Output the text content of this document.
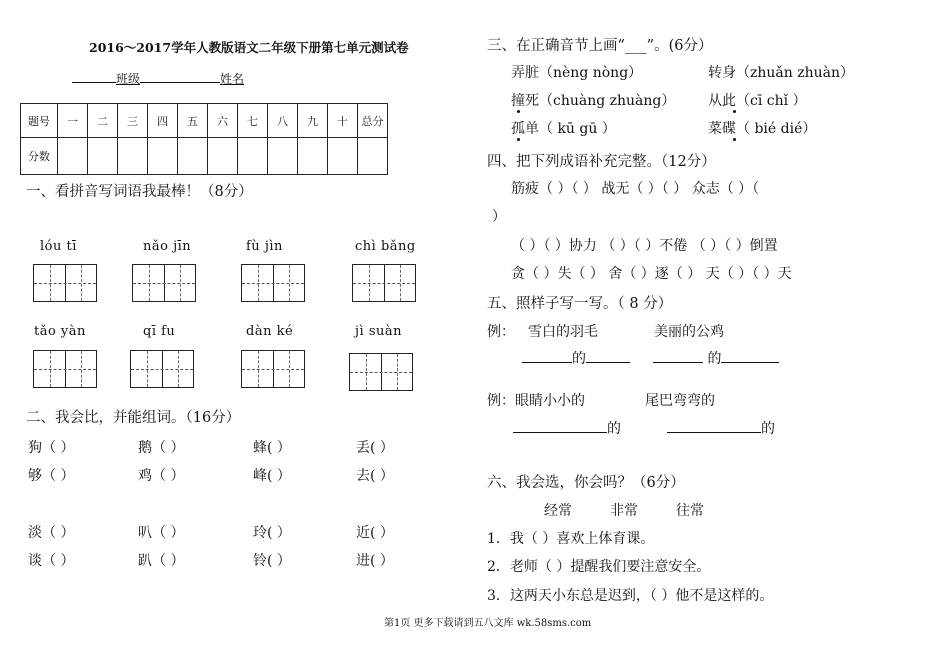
2016～2017学年人教版语文二年级下册第七单元测试卷
班级	姓名
题号	一	二	三	四	五	六	七	八	九	十	总分
分数											
一、看拼音写词语我最棒！（8分）
lóu tī	nǎo jīn	fù jìn	chì bǎng
tǎo yàn	qī fu	dàn ké	jì suàn
二、我会比，并能组词。（16分）
狗（ ）	鹅（ ）	蜂( ）	丢( ）
够（ ）	鸡（ ）	峰( ）	去( ）
淡（ ）	叭（ ）	玲( ）	近( ）
谈（ ）	趴（ ）	铃( ）	进( ）
三、在正确音节上画“___”。(6分）
弄脏（nèng nòng）	转身（zhuǎn zhuàn）
撞死（chuàng zhuàng） 从此（cī chǐ ）
孤单（ kū gū ）	菜碟（ bié dié）
四、把下列成语补充完整。（12分）
筋疲（ ）（ ） 战无（ ）（ ） 众志（ ）（
）
（ ）（ ）协力 （ ）（ ）不倦 （ ）（ ）倒置
贪（ ）失（ ） 舍（ ）逐（ ） 天（ ）（ ）天
五、照样子写一写。（ 8 分）
例： 雪白的羽毛	美丽的公鸡
的	的
例：眼睛小小的	尾巴弯弯的
的	的
六、我会选，你会吗？（6分）
经常	非常	往常
1．我（ ）喜欢上体育课。
2．老师（ ）提醒我们要注意安全。
3．这两天小东总是迟到，（ ）他不是这样的。
第1页 更多下载请到五八文库 wk.58sms.com
